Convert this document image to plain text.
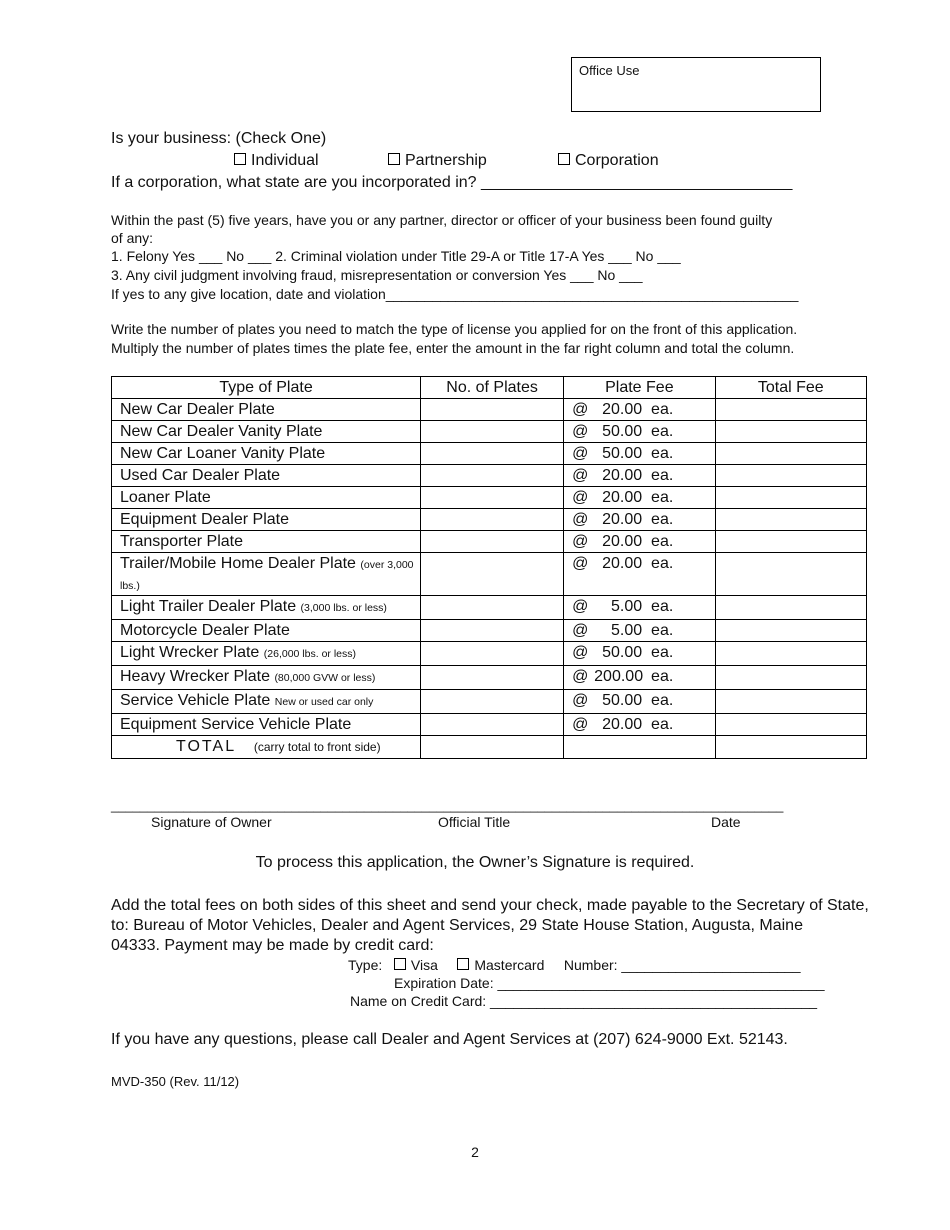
Office Use
Is your business: (Check One)
Individual	Partnership	Corporation
If a corporation, what state are you incorporated in? ___________________________________
Within the past (5) five years, have you or any partner, director or officer of your business been found guilty
of any:
1. Felony Yes ___ No ___ 2. Criminal violation under Title 29-A or Title 17-A Yes ___ No ___
3. Any civil judgment involving fraud, misrepresentation or conversion Yes ___ No ___
If yes to any give location, date and violation_____________________________________________________
Write the number of plates you need to match the type of license you applied for on the front of this application.
Multiply the number of plates times the plate fee, enter the amount in the far right column and total the column.
Type of Plate	No. of Plates	Plate Fee	Total Fee
New Car Dealer Plate		@ 20.00 ea.	
New Car Dealer Vanity Plate		@ 50.00 ea.	
New Car Loaner Vanity Plate		@ 50.00 ea.	
Used Car Dealer Plate		@ 20.00 ea.	
Loaner Plate		@ 20.00 ea.	
Equipment Dealer Plate		@ 20.00 ea.	
Transporter Plate		@ 20.00 ea.	
Trailer/Mobile Home Dealer Plate (over 3,000 lbs.)		@ 20.00 ea.	
Light Trailer Dealer Plate (3,000 lbs. or less)		@ 5.00 ea.	
Motorcycle Dealer Plate		@ 5.00 ea.	
Light Wrecker Plate (26,000 lbs. or less)		@ 50.00 ea.	
Heavy Wrecker Plate (80,000 GVW or less)		@ 200.00 ea.	
Service Vehicle Plate New or used car only		@ 50.00 ea.	
Equipment Service Vehicle Plate		@ 20.00 ea.	
TOTAL (carry total to front side)			
_____________________________________________________________________________________________
Signature of Owner	Official Title	Date
To process this application, the Owner’s Signature is required.
Add the total fees on both sides of this sheet and send your check, made payable to the Secretary of State,
to: Bureau of Motor Vehicles, Dealer and Agent Services, 29 State House Station, Augusta, Maine
04333. Payment may be made by credit card:
Type: Visa	Mastercard Number: _______________________
Expiration Date: __________________________________________
Name on Credit Card: __________________________________________
If you have any questions, please call Dealer and Agent Services at (207) 624-9000 Ext. 52143.
MVD-350 (Rev. 11/12)
2
